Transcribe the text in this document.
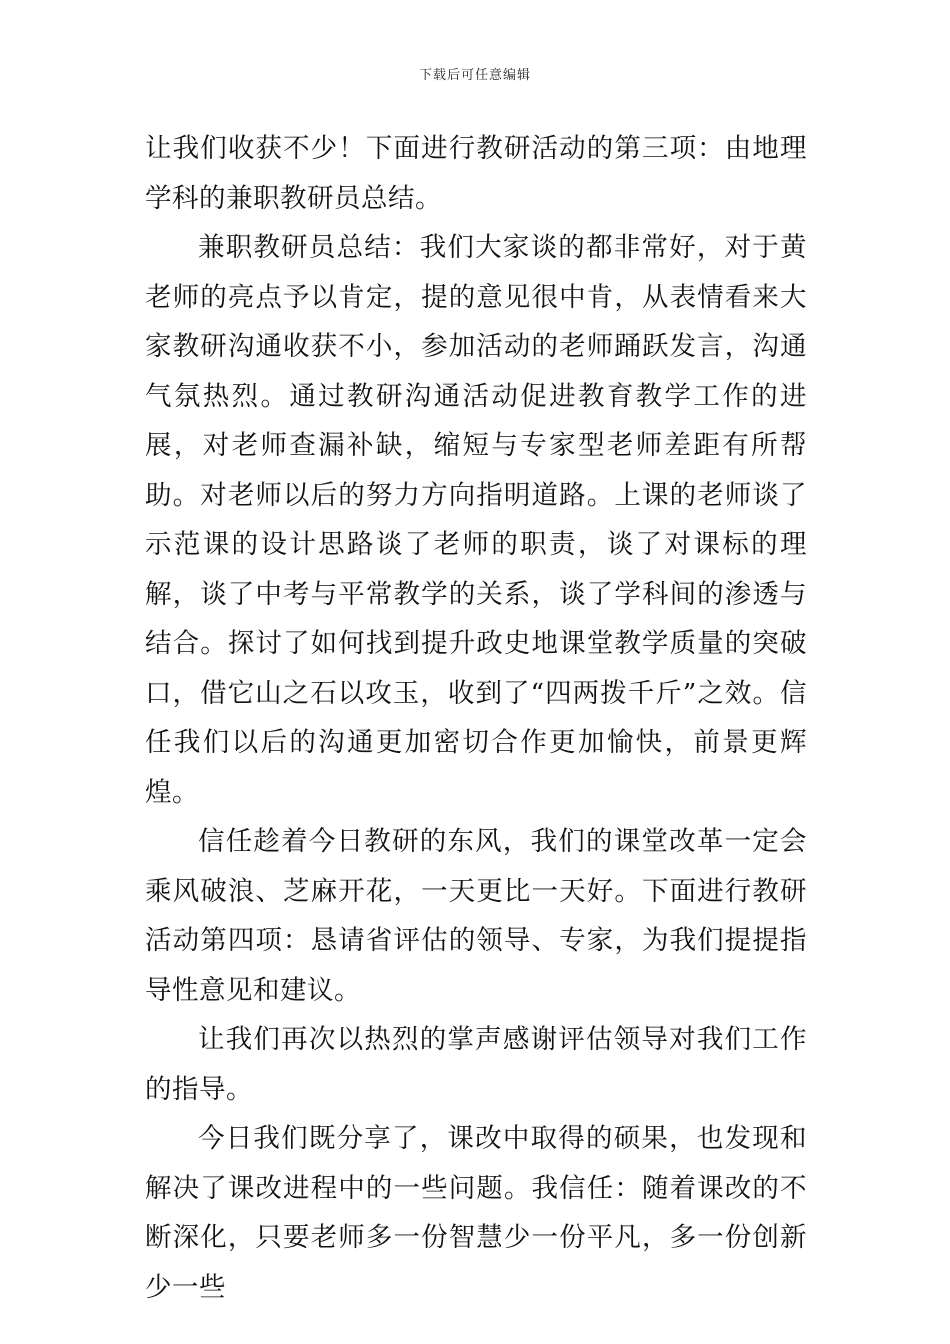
下载后可任意编辑

让我们收获不少！下面进行教研活动的第三项：由地理学科的兼职教研员总结。

兼职教研员总结：我们大家谈的都非常好，对于黄老师的亮点予以肯定，提的意见很中肯，从表情看来大家教研沟通收获不小，参加活动的老师踊跃发言，沟通气氛热烈。通过教研沟通活动促进教育教学工作的进展，对老师查漏补缺，缩短与专家型老师差距有所帮助。对老师以后的努力方向指明道路。上课的老师谈了示范课的设计思路谈了老师的职责，谈了对课标的理解，谈了中考与平常教学的关系，谈了学科间的渗透与结合。探讨了如何找到提升政史地课堂教学质量的突破口，借它山之石以攻玉，收到了“四两拨千斤”之效。信任我们以后的沟通更加密切合作更加愉快，前景更辉煌。

信任趁着今日教研的东风，我们的课堂改革一定会乘风破浪、芝麻开花，一天更比一天好。下面进行教研活动第四项：恳请省评估的领导、专家，为我们提提指导性意见和建议。

让我们再次以热烈的掌声感谢评估领导对我们工作的指导。

今日我们既分享了，课改中取得的硕果，也发现和解决了课改进程中的一些问题。我信任：随着课改的不断深化，只要老师多一份智慧少一份平凡，多一份创新少一些
